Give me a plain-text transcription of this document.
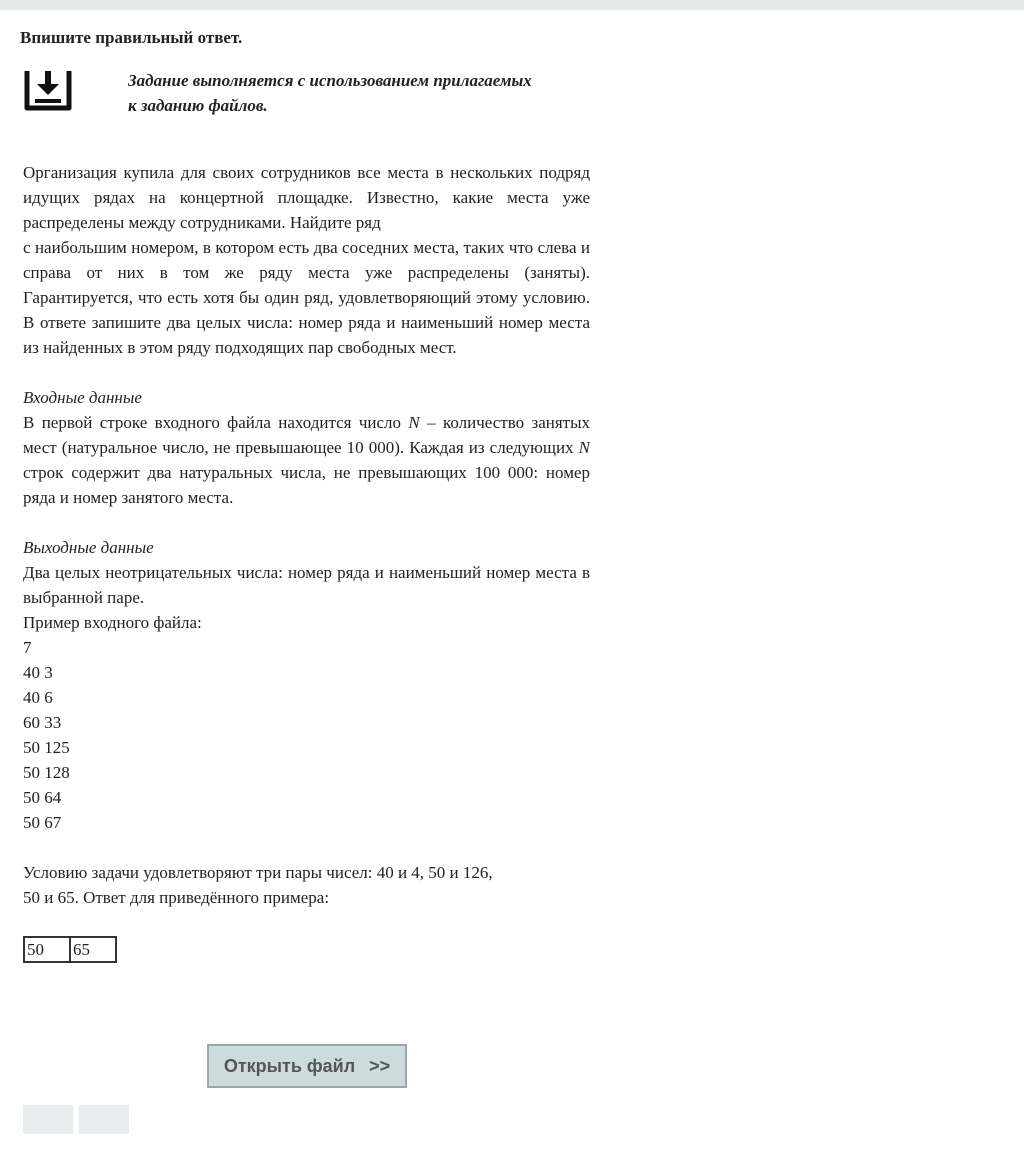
Впишите правильный ответ.
Задание выполняется с использованием прилагаемых
к заданию файлов.

Организация купила для своих сотрудников все места в нескольких подряд идущих рядах на концертной площадке. Известно, какие места уже распределены между сотрудниками. Найдите ряд

с наибольшим номером, в котором есть два соседних места, таких что слева и справа от них в том же ряду места уже распределены (заняты). Гарантируется, что есть хотя бы один ряд, удовлетворяющий этому условию. В ответе запишите два целых числа: номер ряда и наименьший номер места из найденных в этом ряду подходящих пар свободных мест.

Входные данные

В первой строке входного файла находится число N – количество занятых мест (натуральное число, не превышающее 10 000). Каждая из следующих N строк содержит два натуральных числа, не превышающих 100 000: номер ряда и номер занятого места.

Выходные данные

Два целых неотрицательных числа: номер ряда и наименьший номер места в выбранной паре.

Пример входного файла:

7
40 3
40 6
60 33
50 125
50 128
50 64
50 67
Условию задачи удовлетворяют три пары чисел: 40 и 4, 50 и 126,
50 и 65. Ответ для приведённого примера:
50	65
Открыть файл >>
